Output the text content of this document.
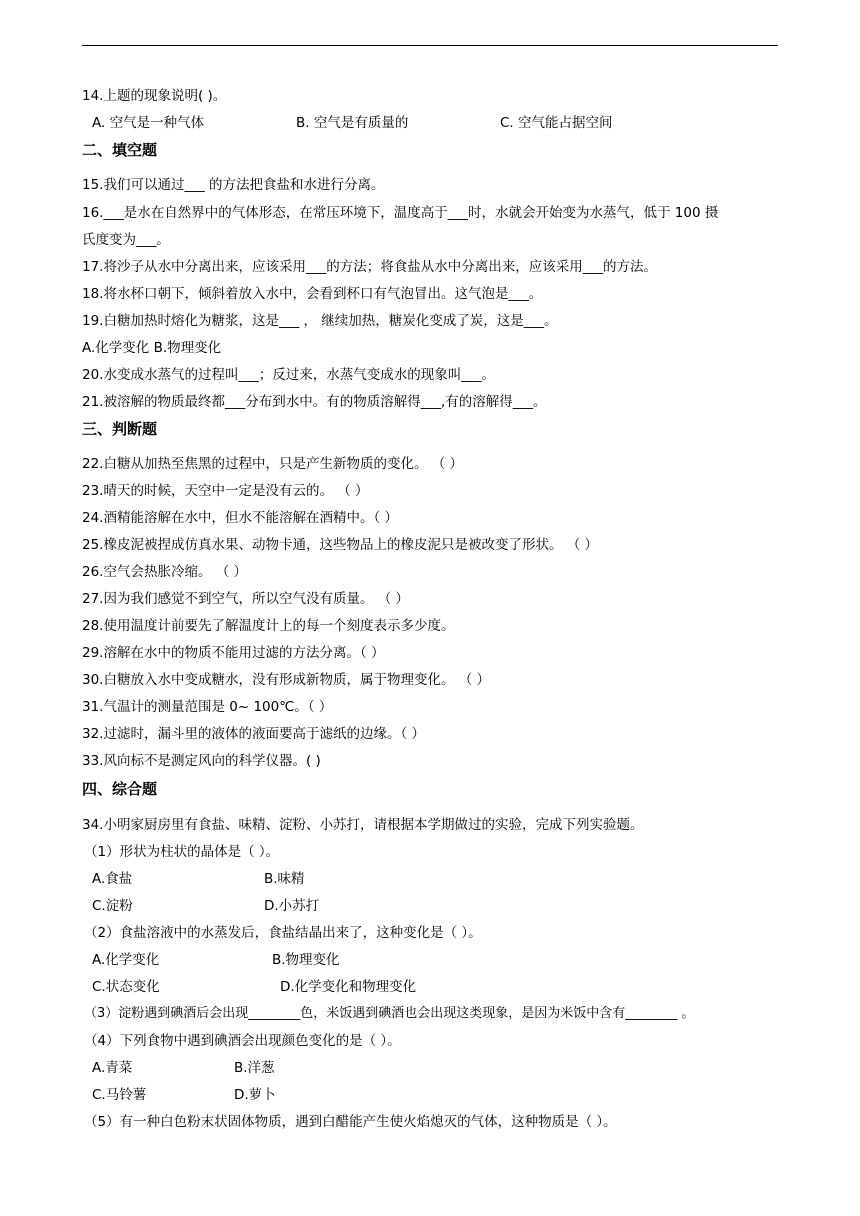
14.上题的现象说明( )。
A. 空气是一种气体	B. 空气是有质量的	C. 空气能占据空间
二、填空题
15.我们可以通过___ 的方法把食盐和水进行分离。
16.___是水在自然界中的气体形态，在常压环境下，温度高于___时，水就会开始变为水蒸气，低于 100 摄
氏度变为___。
17.将沙子从水中分离出来，应该采用___的方法；将食盐从水中分离出来，应该采用___的方法。
18.将水杯口朝下，倾斜着放入水中，会看到杯口有气泡冒出。这气泡是___。
19.白糖加热时熔化为糖浆，这是___ ， 继续加热，糖炭化变成了炭，这是___。
A.化学变化 B.物理变化
20.水变成水蒸气的过程叫___；反过来，水蒸气变成水的现象叫___。
21.被溶解的物质最终都___分布到水中。有的物质溶解得___,有的溶解得___。
三、判断题
22.白糖从加热至焦黑的过程中，只是产生新物质的变化。 （ ）
23.晴天的时候，天空中一定是没有云的。 （ ）
24.酒精能溶解在水中，但水不能溶解在酒精中。（ ）
25.橡皮泥被捏成仿真水果、动物卡通，这些物品上的橡皮泥只是被改变了形状。 （ ）
26.空气会热胀冷缩。 （ ）
27.因为我们感觉不到空气，所以空气没有质量。 （ ）
28.使用温度计前要先了解温度计上的每一个刻度表示多少度。
29.溶解在水中的物质不能用过滤的方法分离。（ ）
30.白糖放入水中变成糖水，没有形成新物质，属于物理变化。 （ ）
31.气温计的测量范围是 0~ 100℃。（ ）
32.过滤时，漏斗里的液体的液面要高于滤纸的边缘。（ ）
33.风向标不是测定风向的科学仪器。( )
四、综合题
34.小明家厨房里有食盐、味精、淀粉、小苏打，请根据本学期做过的实验，完成下列实验题。
（1）形状为柱状的晶体是（ ）。
A.食盐	B.味精
C.淀粉	D.小苏打
（2）食盐溶液中的水蒸发后，食盐结晶出来了，这种变化是（ ）。
A.化学变化	B.物理变化
C.状态变化	D.化学变化和物理变化
（3）淀粉遇到碘酒后会出现________色，米饭遇到碘酒也会出现这类现象，是因为米饭中含有________ 。
（4）下列食物中遇到碘酒会出现颜色变化的是（ ）。
A.青菜	B.洋葱
C.马铃薯	D.萝卜
（5）有一种白色粉末状固体物质，遇到白醋能产生使火焰熄灭的气体，这种物质是（ ）。
